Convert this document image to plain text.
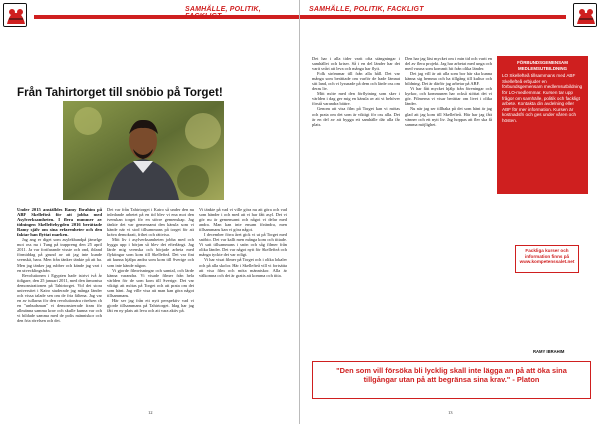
SAMHÄLLE, POLITIK, FACKLIGT
Från Tahirtorget till snöbio på Torget!

Under 2015 anställdes Ramy Ibrahim på ABF Skellefteå för att jobba med Asylverksamheten. I flera nummer av tidningen Skelleftebygden 2016 berättade Ramy själv om sina erfarenheter och den faktar han flyttat marken.

Jag ang er diget som asylekbandpå jämelge mot oss nu i Tung på trappreng den 25 april 2011. Ja var fortfarande visste och ond, ibland förmiddag på grund av att jag inte kunde svenskä, bara. Men från tänker tänkte på att ha. Men jag tänker jag rubber och kände jag vart i en utvecklingsfrån.

Revolutionen i Egypten hade istrivt två år tidigare, den 25 januari 2011, med den årmontsa demonstrationen på Tahirtorget. Vid det stora universitet i Kairo studerade jag många länder och vissa talade sen om de fria fältena. Jag var en av tullarna för den revolutionära rörelsen ch en "unbudsman" vi demonstrerade fram för allmänna samma krav och skulle kunna var och vi bildade samma med de polis människor och den fria rörelsen och det.

Det var från Tahirtorget i Kairo så under den nu inledande arbetet på en tid blev vi ena mot den tvenskan torget för en större gemenskap. Jag tänkte det var gemensamt den känsla som vi kände när vi stod tillsammans på torget för att kräva demokrati, frihet och rättvisa.

Mitt liv i asylverksamheten jobba med och bygga upp i början så blev det efterlängt. Jag lärde mig svenska och började arbeta med flyktingar som kom till Skellefteå. Det var fint att kunna hjälpa andra som kom till Sverige och som inte kände någon.

Vi gjorde filmvisningar och samtal, och lärde känna varandra. Vi visade filmer från hela världen för de som kom till Sverige. Det var viktigt att mötas på Torget och att prata om det som hänt. Jag ville visa att man kan göra något tillsammans.

Här ser jag från ett nytt perspektiv vad vi gjorde tillsammans på Tahirtorget. Idag har jag fått en ny plats att leva och att vara aktiv på.

Vi tänkte på vad vi ville göra nu att göra och vad som händer i och med att vi har fått asyl. Det vi gör nu är gemensamt och något vi delar med andra. Man kan inte ensam förändra, men tillsammans kan vi göra något.

I december förra året gick vi ut på Torget med snöbio. Det var kallt men många kom och tittade. Vi satt tillsammans i snön och såg filmer från olika länder. Det var något nytt för Skellefteå och många tyckte det var roligt.

Vi har visat filmer på Torget och i olika lokaler och på alla skolor. Här i Skellefteå vill vi fortsätta att visa film och möta människor. Alla är välkomna och det är gratis att komma och titta.

12
SAMHÄLLE, POLITIK, FACKLIGT

Det har i alla tider varit ofta stängningar i samhället och kriser. Så i en del länder har det varit svårt att leva och många har flytt.

Folk strömmar till från alla håll. Det var många som berättade om varför de hade lämnat sitt land, och vi lyssnade på dem och lärde oss om deras liv.

Mitt möte med den förflytning som sker i världen i dag ger mig en känsla av att vi behöver förstå varandra bättre.

Genom att visa film på Torget kan vi mötas och prata om det som är viktigt för oss alla. Det är en del av att bygga ett samhälle där alla får plats.

Den har jag läst mycket om i min tid och varit en del av flera projekt. Jag har arbetat med unga och med vuxna som kommit hit från olika länder.

Det jag vill är att alla som bor här ska kunna känna sig hemma och ha tillgång till kultur och bildning. Det är därför jag arbetar på ABF.

Vi har fått mycket hjälp från föreningar och kyrkor, och kommunen har också stöttat det vi gör. Filmerna vi visar berättar om livet i olika länder.

Nu när jag ser tillbaka på det som hänt är jag glad att jag kom till Skellefteå. Här har jag fått vänner och ett nytt liv. Jag hoppas att fler ska få samma möjlighet.

FÖRBUNDSGEMENSAM MEDLEMSUTBILDNING
LO Skellefteå tillsammans med ABF Skellefteå erbjuder en förbundsgemensam medlemsutbildning för LO-medlemmar. Kursen tar upp frågor om samhälle, politik och fackligt arbete. Kontakta din avdelning eller ABF för mer information. Kursen är kostnadsfri och ges under våren och hösten.
Fackliga kurser och information finns på www.kompetenssalet.net
RAMY IBRAHIM
"Den som vill försöka bli lycklig skall inte lägga an på att öka sina tillgångar utan på att begränsa sina krav." - Platon
13
